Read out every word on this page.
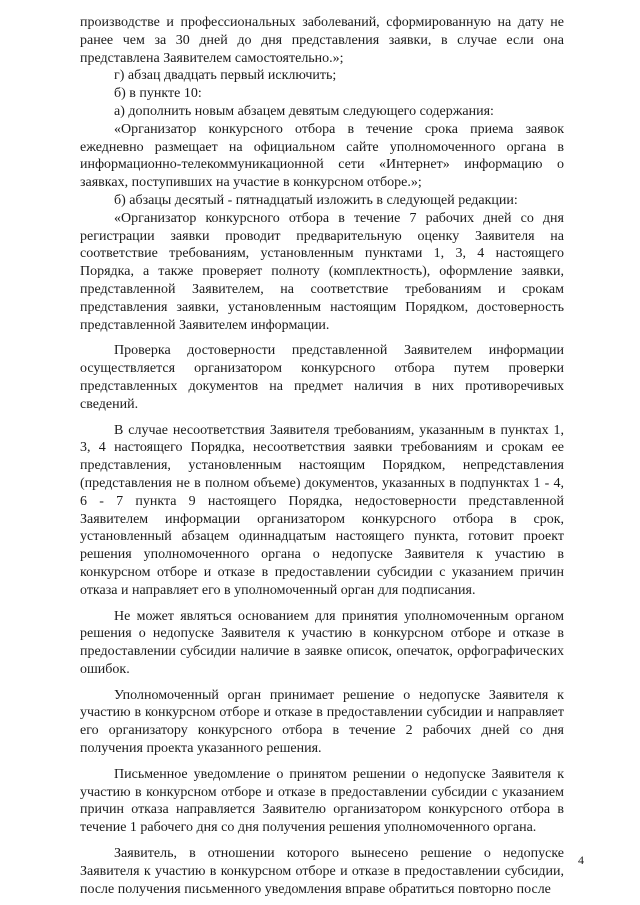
производстве и профессиональных заболеваний, сформированную на дату не ранее чем за 30 дней до дня представления заявки, в случае если она представлена Заявителем самостоятельно.»;

г) абзац двадцать первый исключить;

б) в пункте 10:

а) дополнить новым абзацем девятым следующего содержания:

«Организатор конкурсного отбора в течение срока приема заявок ежедневно размещает на официальном сайте уполномоченного органа в информационно-телекоммуникационной сети «Интернет» информацию о заявках, поступивших на участие в конкурсном отборе.»;

б) абзацы десятый - пятнадцатый изложить в следующей редакции:

«Организатор конкурсного отбора в течение 7 рабочих дней со дня регистрации заявки проводит предварительную оценку Заявителя на соответствие требованиям, установленным пунктами 1, 3, 4 настоящего Порядка, а также проверяет полноту (комплектность), оформление заявки, представленной Заявителем, на соответствие требованиям и срокам представления заявки, установленным настоящим Порядком, достоверность представленной Заявителем информации.

Проверка достоверности представленной Заявителем информации осуществляется организатором конкурсного отбора путем проверки представленных документов на предмет наличия в них противоречивых сведений.

В случае несоответствия Заявителя требованиям, указанным в пунктах 1, 3, 4 настоящего Порядка, несоответствия заявки требованиям и срокам ее представления, установленным настоящим Порядком, непредставления (представления не в полном объеме) документов, указанных в подпунктах 1 - 4, 6 - 7 пункта 9 настоящего Порядка, недостоверности представленной Заявителем информации организатором конкурсного отбора в срок, установленный абзацем одиннадцатым настоящего пункта, готовит проект решения уполномоченного органа о недопуске Заявителя к участию в конкурсном отборе и отказе в предоставлении субсидии с указанием причин отказа и направляет его в уполномоченный орган для подписания.

Не может являться основанием для принятия уполномоченным органом решения о недопуске Заявителя к участию в конкурсном отборе и отказе в предоставлении субсидии наличие в заявке описок, опечаток, орфографических ошибок.

Уполномоченный орган принимает решение о недопуске Заявителя к участию в конкурсном отборе и отказе в предоставлении субсидии и направляет его организатору конкурсного отбора в течение 2 рабочих дней со дня получения проекта указанного решения.

Письменное уведомление о принятом решении о недопуске Заявителя к участию в конкурсном отборе и отказе в предоставлении субсидии с указанием причин отказа направляется Заявителю организатором конкурсного отбора в течение 1 рабочего дня со дня получения решения уполномоченного органа.

Заявитель, в отношении которого вынесено решение о недопуске Заявителя к участию в конкурсном отборе и отказе в предоставлении субсидии, после получения письменного уведомления вправе обратиться повторно после

4
